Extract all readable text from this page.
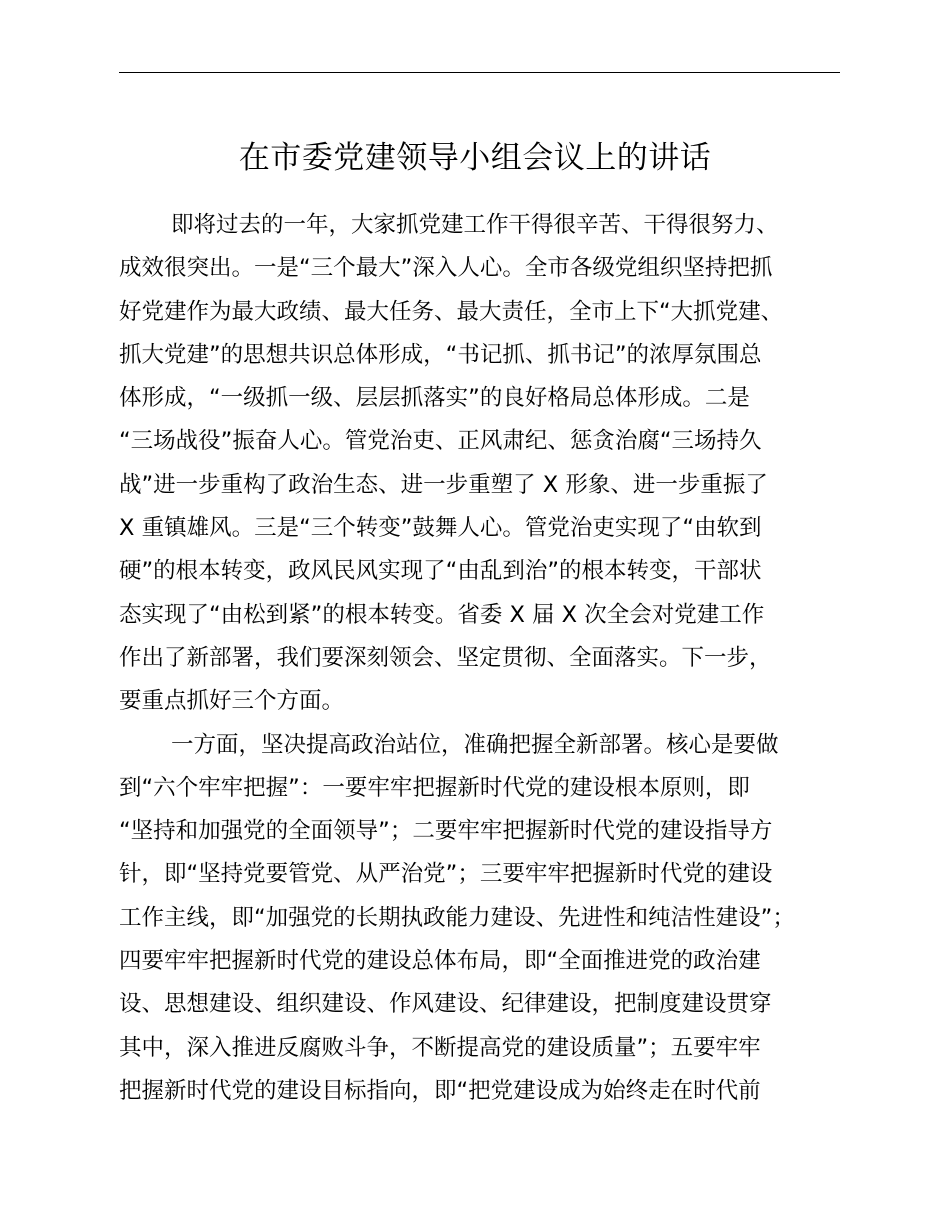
在市委党建领导小组会议上的讲话
即将过去的一年，大家抓党建工作干得很辛苦、干得很努力、
成效很突出。一是“三个最大”深入人心。全市各级党组织坚持把抓
好党建作为最大政绩、最大任务、最大责任，全市上下“大抓党建、
抓大党建”的思想共识总体形成，“书记抓、抓书记”的浓厚氛围总
体形成，“一级抓一级、层层抓落实”的良好格局总体形成。二是
“三场战役”振奋人心。管党治吏、正风肃纪、惩贪治腐“三场持久
战”进一步重构了政治生态、进一步重塑了 X 形象、进一步重振了
X 重镇雄风。三是“三个转变”鼓舞人心。管党治吏实现了“由软到
硬”的根本转变，政风民风实现了“由乱到治”的根本转变，干部状
态实现了“由松到紧”的根本转变。省委 X 届 X 次全会对党建工作
作出了新部署，我们要深刻领会、坚定贯彻、全面落实。下一步，
要重点抓好三个方面。
一方面，坚决提高政治站位，准确把握全新部署。核心是要做
到“六个牢牢把握”：一要牢牢把握新时代党的建设根本原则，即
“坚持和加强党的全面领导”；二要牢牢把握新时代党的建设指导方
针，即“坚持党要管党、从严治党”；三要牢牢把握新时代党的建设
工作主线，即“加强党的长期执政能力建设、先进性和纯洁性建设”；
四要牢牢把握新时代党的建设总体布局，即“全面推进党的政治建
设、思想建设、组织建设、作风建设、纪律建设，把制度建设贯穿
其中，深入推进反腐败斗争，不断提高党的建设质量”；五要牢牢
把握新时代党的建设目标指向，即“把党建设成为始终走在时代前
